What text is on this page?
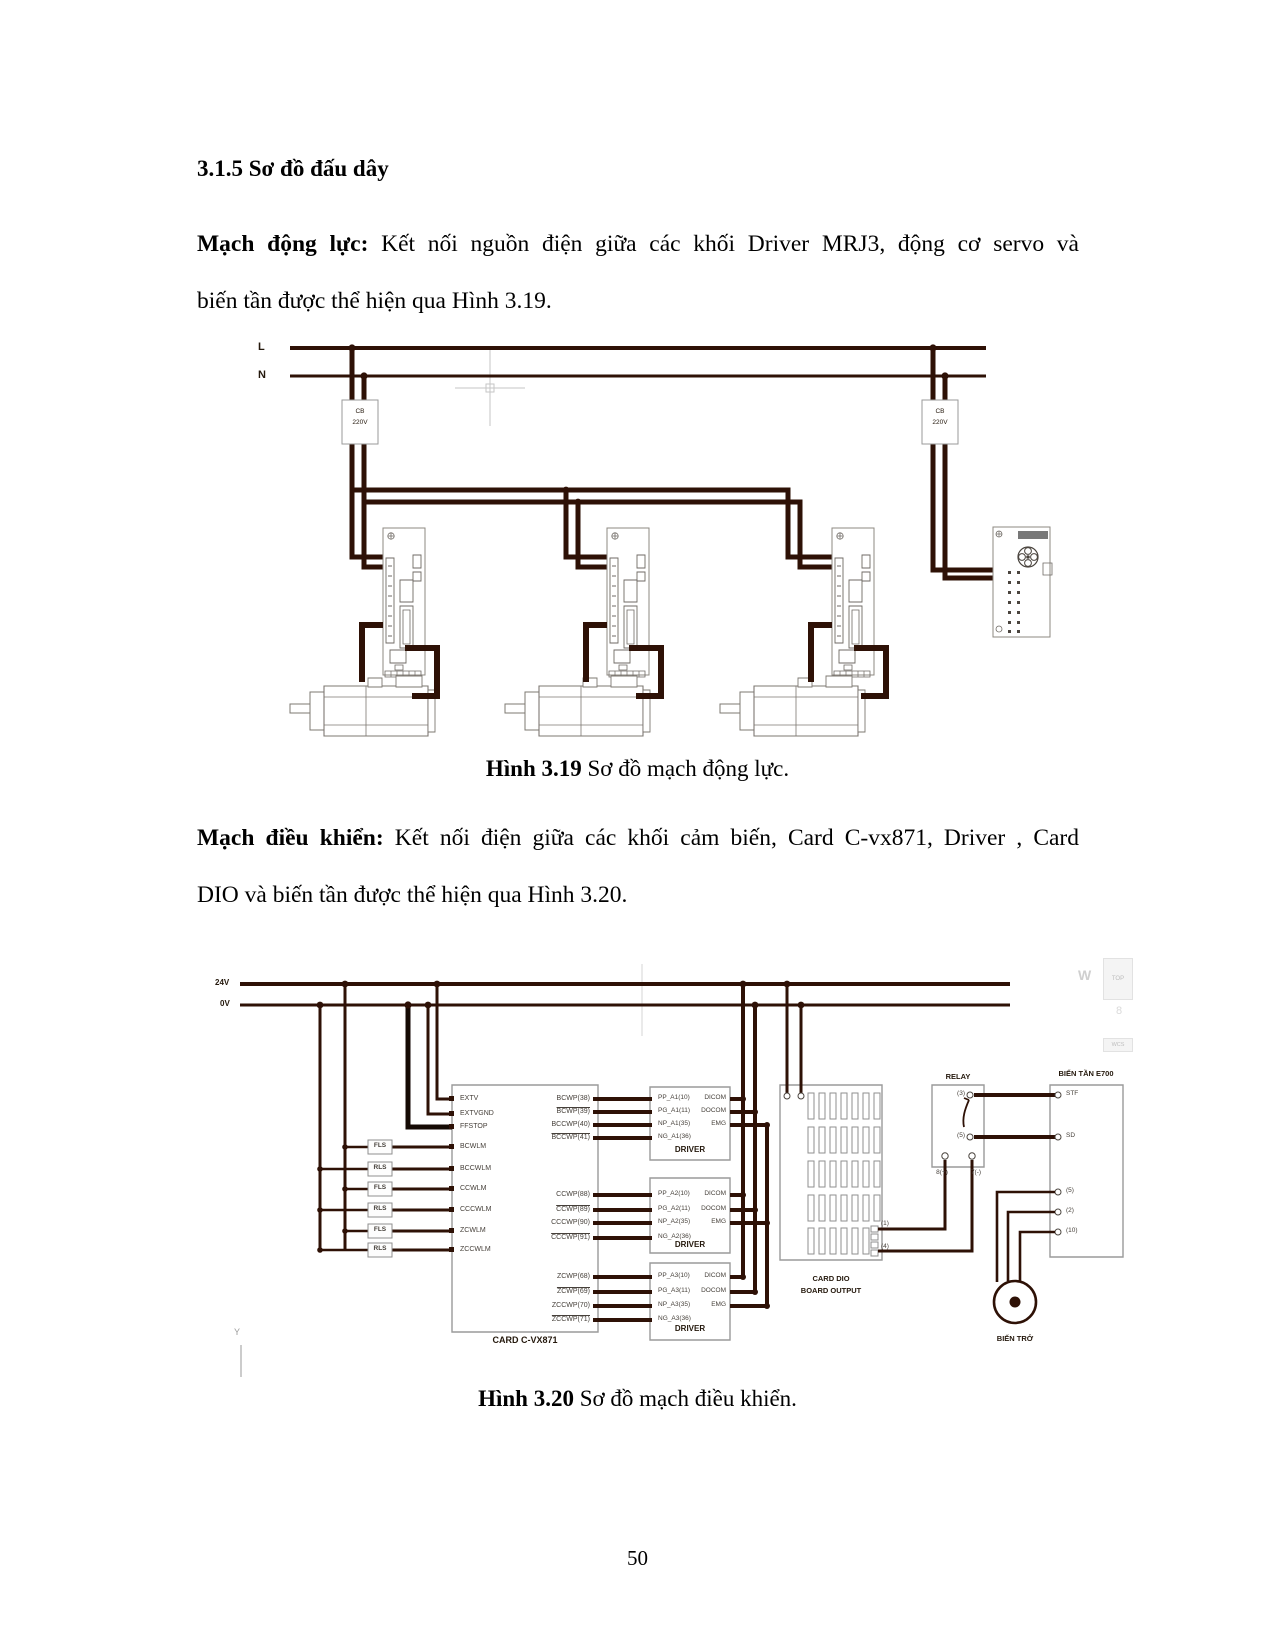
3.1.5 Sơ đồ đấu dây
Mạch động lực: Kết nối nguồn điện giữa các khối Driver MRJ3, động cơ servo và biến tần được thể hiện qua Hình 3.19.
L
N
CB
220V
CB
220V
Hình 3.19 Sơ đồ mạch động lực.
Mạch điều khiển: Kết nối điện giữa các khối cảm biến, Card C-vx871, Driver , Card DIO và biến tần được thể hiện qua Hình 3.20.
24V
0V
FLS
RLS
FLS
RLS
FLS
RLS
EXTV
EXTVGND
FFSTOP
BCWLM
BCCWLM
CCWLM
CCCWLM
ZCWLM
ZCCWLM
BCWP(38)
BCWP(39)
BCCWP(40)
BCCWP(41)
CCWP(88)
CCWP(89)
CCCWP(90)
CCCWP(91)
ZCWP(68)
ZCWP(69)
ZCCWP(70)
ZCCWP(71)
CARD C-VX871
PP_A1(10)
PG_A1(11)
NP_A1(35)
NG_A1(36)
DICOM
DOCOM
EMG
DRIVER
PP_A2(10)
PG_A2(11)
NP_A2(35)
NG_A2(36)
DICOM
DOCOM
EMG
DRIVER
PP_A3(10)
PG_A3(11)
NP_A3(35)
NG_A3(36)
DICOM
DOCOM
EMG
DRIVER
(1)
(4)
CARD DIO
BOARD OUTPUT
RELAY
(3)
(5)
8(+)	7(-)
BIẾN TẦN E700
STF
SD
(5)
(2)
(10)
BIẾN TRỞ
Y
W	TOP
8
WCS
Hình 3.20 Sơ đồ mạch điều khiển.
50
